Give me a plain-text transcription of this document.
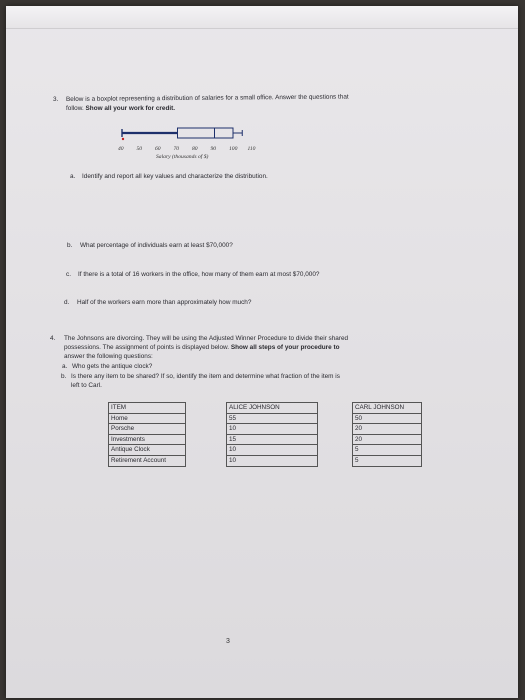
3. Below is a boxplot representing a distribution of salaries for a small office. Answer the questions that
follow. Show all your work for credit.
40 50 60 70 80 90 100 110
Salary (thousands of $)
a. Identify and report all key values and characterize the distribution.
b. What percentage of individuals earn at least $70,000?
c. If there is a total of 16 workers in the office, how many of them earn at most $70,000?
d. Half of the workers earn more than approximately how much?
4. The Johnsons are divorcing. They will be using the Adjusted Winner Procedure to divide their shared
possessions. The assignment of points is displayed below. Show all steps of your procedure to
answer the following questions:
a. Who gets the antique clock?
b. Is there any item to be shared? If so, identify the item and determine what fraction of the item is
left to Carl.
ITEM		ALICE JOHNSON		CARL JOHNSON
Home		55		50
Porsche		10		20
Investments		15		20
Antique Clock		10		5
Retirement Account		10		5
3
